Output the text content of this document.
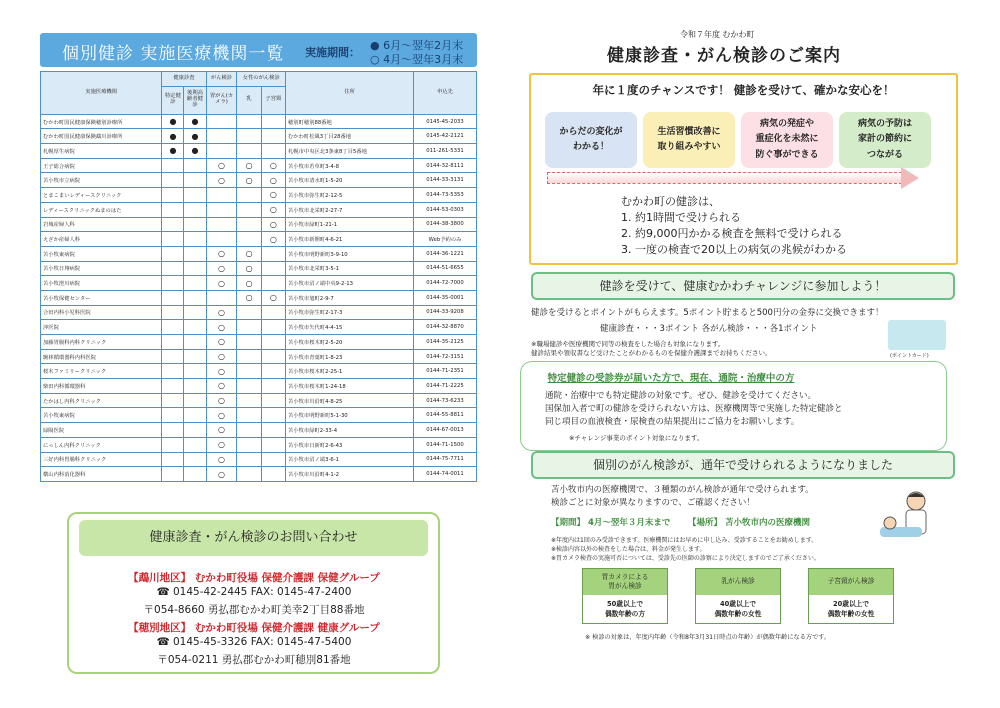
個別健診 実施医療機関一覧 実施期間：
● 6月〜翌年2月末
○ 4月〜翌年3月末
実施医療機関	健康診査		がん検診	女性のがん検診		住所	申込先
	特定健診	後期高齢者健診	胃がん(カメラ)	乳	子宮頸		
むかわ町国民健康保険穂別診療所	●	●				穂別町穂別88番地	0145-45-2033
むかわ町国民健康保険鵡川診療所	●	●				むかわ町松風3丁目28番地	0145-42-2121
札幌厚生病院	●	●				札幌市中央区北3条東8丁目5番地	011-261-5331
王子総合病院			○	○	○	苫小牧市若草町3-4-8	0144-32-8111
苫小牧市立病院			○	○	○	苫小牧市清水町1-5-20	0144-33-3131
とまこまいレディースクリニック					○	苫小牧市弥生町2-12-5	0144-73-5353
レディースクリニックぬまのはた					○	苫小牧市北栄町2-27-7	0144-53-0303
岩城産婦人科					○	苫小牧市緑町1-21-1	0144-38-3800
えざか産婦人科					○	苫小牧市新開町4-6-21	Web予約のみ
苫小牧東病院			○	○		苫小牧市明野新町3-9-10	0144-36-1221
苫小牧日翔病院			○	○		苫小牧市北栄町3-5-1	0144-51-6655
苫小牧澄川病院			○	○		苫小牧市沼ノ端中央9-2-13	0144-72-7000
苫小牧保健センター				○	○	苫小牧市旭町2-9-7	0144-35-0001
合田内科小児科医院			○			苫小牧市弥生町2-17-3	0144-33-9208
沖医院			○			苫小牧市矢代町4-4-15	0144-32-8870
加藤胃腸科内科クリニック			○			苫小牧市桜木町2-5-20	0144-35-2125
駒林循環器科内科医院			○			苫小牧市青葉町1-8-23	0144-72-3151
桜木ファミリークリニック			○			苫小牧市桜木町2-25-1	0144-71-2351
柴田内科循環器科			○			苫小牧市桜木町1-24-18	0144-71-2225
たかはし内科クリニック			○			苫小牧市川沿町4-8-25	0144-73-6233
苫小牧東病院			○			苫小牧市明野新町5-1-30	0144-55-8811
緑陽医院			○			苫小牧市緑町2-33-4	0144-67-0013
にっしん内科クリニック			○			苫小牧市日新町2-6-43	0144-71-1500
三好内科胃腸科クリニック			○			苫小牧市沼ノ端3-6-1	0144-75-7711
横山内科消化器科			○			苫小牧市川沿町4-1-2	0144-74-0011
健康診査・がん検診のお問い合わせ
【鵡川地区】 むかわ町役場 保健介護課 保健グループ
☎ 0145-42-2445 FAX: 0145-47-2400
〒054-8660 勇払郡むかわ町美幸2丁目88番地
【穂別地区】 むかわ町役場 保健介護課 健康グループ
☎ 0145-45-3326 FAX: 0145-47-5400
〒054-0211 勇払郡むかわ町穂別81番地
令和７年度 むかわ町
健康診査・がん検診のご案内
年に１度のチャンスです！ 健診を受けて、確かな安心を！
からだの変化が
わかる！
生活習慣改善に
取り組みやすい
病気の発症や
重症化を未然に
防ぐ事ができる
病気の予防は
家計の節約に
つながる
むかわ町の健診は、
1. 約1時間で受けられる
2. 約9,000円かかる検査を無料で受けられる
3. 一度の検査で20以上の病気の兆候がわかる
健診を受けて、健康むかわチャレンジに参加しよう！
健診を受けるとポイントがもらえます。5ポイント貯まると500円分の金券に交換できます！
健康診査・・・3ポイント 各がん検診・・・各1ポイント
※職場健診や医療機関で同等の検査をした場合も対象になります。
健診結果や領収書など受けたことがわかるものを保健介護課までお持ちください。	(ポイントカード)
特定健診の受診券が届いた方で、現在、通院・治療中の方
通院・治療中でも特定健診の対象です。ぜひ、健診を受けてください。
国保加入者で町の健診を受けられない方は、医療機関等で実施した特定健診と
同じ項目の血液検査・尿検査の結果提出にご協力をお願いします。
※チャレンジ事業のポイント対象になります。
個別のがん検診が、通年で受けられるようになりました
苫小牧市内の医療機関で、３種類のがん検診が通年で受けられます。
検診ごとに対象が異なりますので、ご確認ください！
【期間】 4月〜翌年３月末まで 【場所】 苫小牧市内の医療機関
※年度内は1回のみ受診できます。医療機関にはお早めに申し込み、受診することをお勧めします。
※検診内容以外の検査をした場合は、料金が発生します。
※胃カメラ検査の実施可否については、受診先の医師の診察により決定しますのでご了承ください。
胃カメラによる
胃がん検診
50歳以上で
偶数年齢の方
乳がん検診
40歳以上で
偶数年齢の女性
子宮頸がん検診
20歳以上で
偶数年齢の女性
※ 検診の対象は、年度内年齢（令和8年3月31日時点の年齢）が偶数年齢になる方です。
